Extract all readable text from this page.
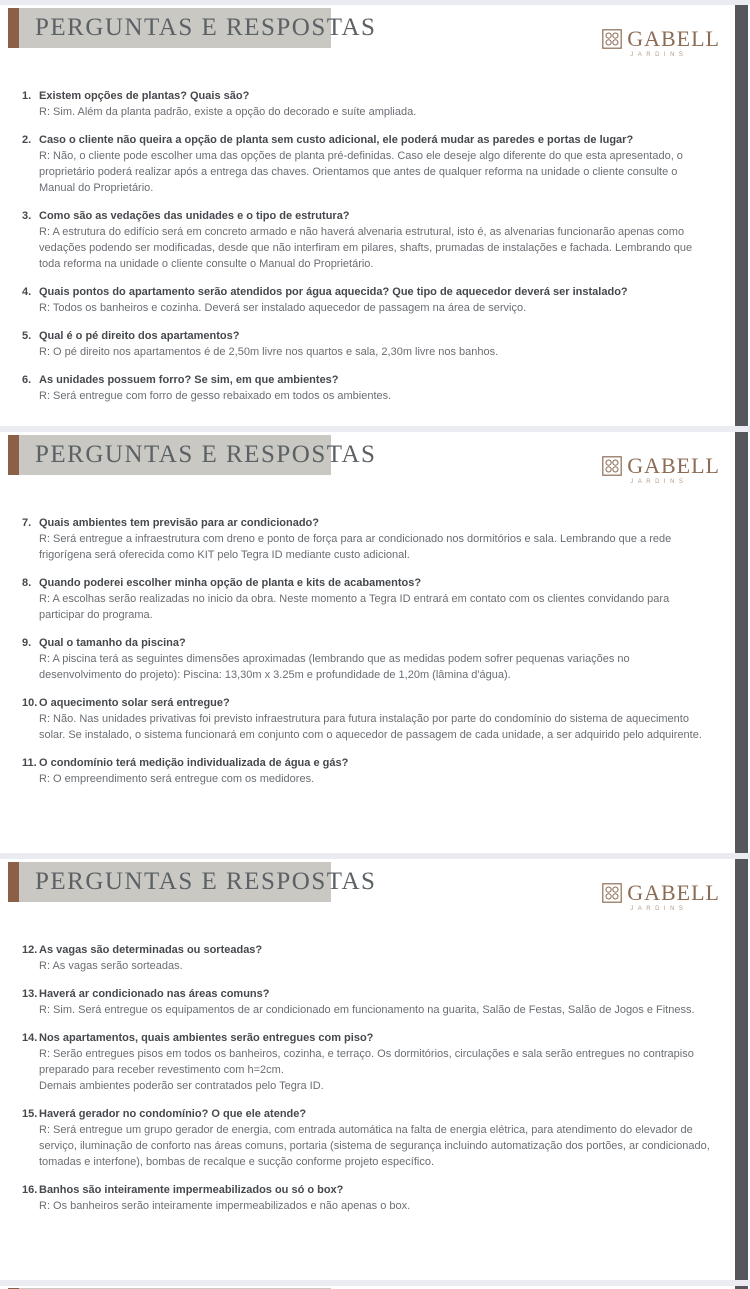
PERGUNTAS E RESPOSTAS	GABELL
JARDINS
1. Existem opções de plantas? Quais são?
R: Sim. Além da planta padrão, existe a opção do decorado e suíte ampliada.
2. Caso o cliente não queira a opção de planta sem custo adicional, ele poderá mudar as paredes e portas de lugar?
R: Não, o cliente pode escolher uma das opções de planta pré-definidas. Caso ele deseje algo diferente do que esta apresentado, o proprietário poderá realizar após a entrega das chaves. Orientamos que antes de qualquer reforma na unidade o cliente consulte o Manual do Proprietário.
3. Como são as vedações das unidades e o tipo de estrutura?
R: A estrutura do edifício será em concreto armado e não haverá alvenaria estrutural, isto é, as alvenarias funcionarão apenas como vedações podendo ser modificadas, desde que não interfiram em pilares, shafts, prumadas de instalações e fachada. Lembrando que toda reforma na unidade o cliente consulte o Manual do Proprietário.
4. Quais pontos do apartamento serão atendidos por água aquecida? Que tipo de aquecedor deverá ser instalado?
R: Todos os banheiros e cozinha. Deverá ser instalado aquecedor de passagem na área de serviço.
5. Qual é o pé direito dos apartamentos?
R: O pé direito nos apartamentos é de 2,50m livre nos quartos e sala, 2,30m livre nos banhos.
6. As unidades possuem forro? Se sim, em que ambientes?
R: Será entregue com forro de gesso rebaixado em todos os ambientes.
PERGUNTAS E RESPOSTAS	GABELL
JARDINS
7. Quais ambientes tem previsão para ar condicionado?
R: Será entregue a infraestrutura com dreno e ponto de força para ar condicionado nos dormitórios e sala. Lembrando que a rede frigorígena será oferecida como KIT pelo Tegra ID mediante custo adicional.
8. Quando poderei escolher minha opção de planta e kits de acabamentos?
R: A escolhas serão realizadas no inicio da obra. Neste momento a Tegra ID entrará em contato com os clientes convidando para participar do programa.
9. Qual o tamanho da piscina?
R: A piscina terá as seguintes dimensões aproximadas (lembrando que as medidas podem sofrer pequenas variações no desenvolvimento do projeto): Piscina: 13,30m x 3.25m e profundidade de 1,20m (lâmina d'água).
10. O aquecimento solar será entregue?
R: Não. Nas unidades privativas foi previsto infraestrutura para futura instalação por parte do condomínio do sistema de aquecimento solar. Se instalado, o sistema funcionará em conjunto com o aquecedor de passagem de cada unidade, a ser adquirido pelo adquirente.
11. O condomínio terá medição individualizada de água e gás?
R: O empreendimento será entregue com os medidores.
PERGUNTAS E RESPOSTAS	GABELL
JARDINS
12. As vagas são determinadas ou sorteadas?
R: As vagas serão sorteadas.
13. Haverá ar condicionado nas áreas comuns?
R: Sim. Será entregue os equipamentos de ar condicionado em funcionamento na guarita, Salão de Festas, Salão de Jogos e Fitness.
14. Nos apartamentos, quais ambientes serão entregues com piso?
R: Serão entregues pisos em todos os banheiros, cozinha, e terraço. Os dormitórios, circulações e sala serão entregues no contrapiso preparado para receber revestimento com h=2cm.
Demais ambientes poderão ser contratados pelo Tegra ID.
15. Haverá gerador no condomínio? O que ele atende?
R: Será entregue um grupo gerador de energia, com entrada automática na falta de energia elétrica, para atendimento do elevador de serviço, iluminação de conforto nas áreas comuns, portaria (sistema de segurança incluindo automatização dos portões, ar condicionado, tomadas e interfone), bombas de recalque e sucção conforme projeto específico.
16. Banhos são inteiramente impermeabilizados ou só o box?
R: Os banheiros serão inteiramente impermeabilizados e não apenas o box.
